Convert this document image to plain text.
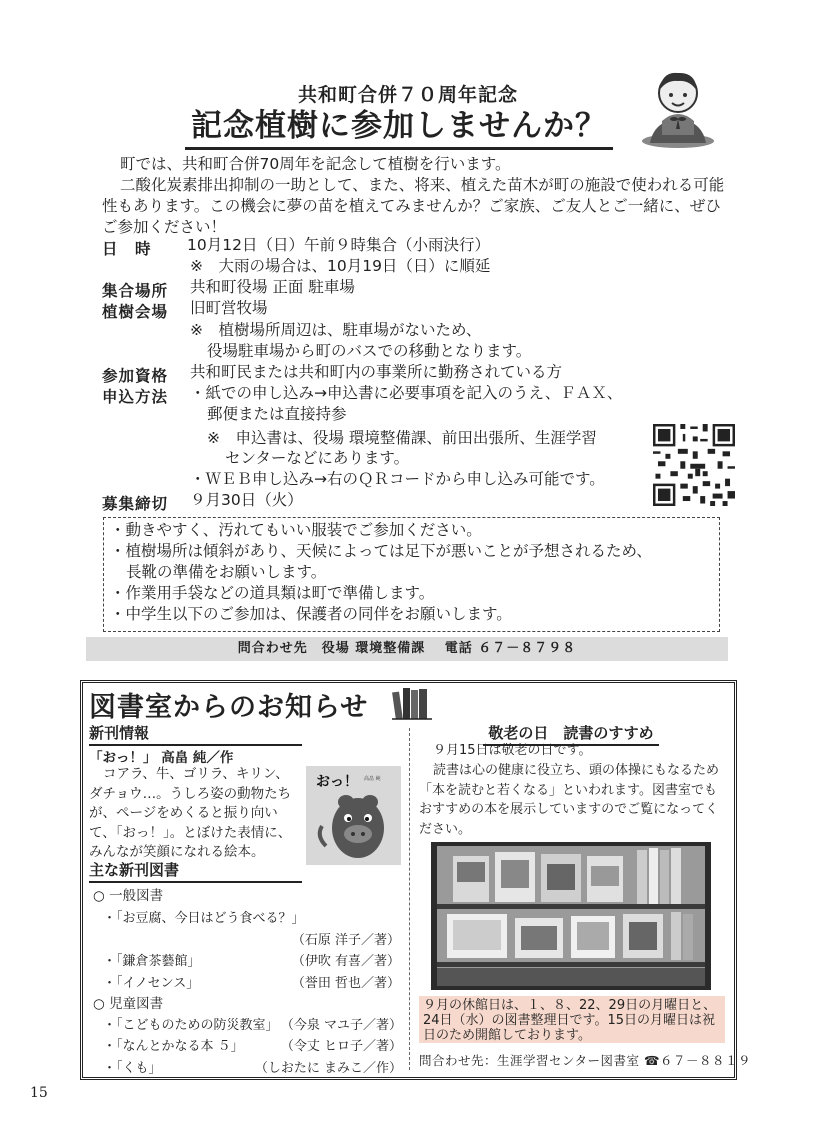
共和町合併７０周年記念
記念植樹に参加しませんか？
町では、共和町合併70周年を記念して植樹を行います。
二酸化炭素排出抑制の一助として、また、将来、植えた苗木が町の施設で使われる可能性もあります。この機会に夢の苗を植えてみませんか？ご家族、ご友人とご一緒に、ぜひご参加ください！
日　時	10月12日（日）午前９時集合（小雨決行）
※　大雨の場合は、10月19日（日）に順延
集合場所 共和町役場 正面 駐車場
植樹会場 旧町営牧場
※　植樹場所周辺は、駐車場がないため、
役場駐車場から町のバスでの移動となります。
参加資格 共和町民または共和町内の事業所に勤務されている方
申込方法 ・紙での申し込み→申込書に必要事項を記入のうえ、ＦＡＸ、
郵便または直接持参
※　申込書は、役場 環境整備課、前田出張所、生涯学習
センターなどにあります。
・ＷＥＢ申し込み→右のＱＲコードから申し込み可能です。
募集締切 ９月30日（火）
・動きやすく、汚れてもいい服装でご参加ください。
・植樹場所は傾斜があり、天候によっては足下が悪いことが予想されるため、
長靴の準備をお願いします。
・作業用手袋などの道具類は町で準備します。
・中学生以下のご参加は、保護者の同伴をお願いします。
問合わせ先　役場 環境整備課　 電話 ６７－８７９８
図書室からのお知らせ
新刊情報
「おっ！」 高畠 純／作
コアラ、牛、ゴリラ、キリン、ダチョウ…。うしろ姿の動物たちが、ページをめくると振り向いて、「おっ！」。とぼけた表情に、みんなが笑顔になれる絵本。
おっ！ 高畠 純
主な新刊図書
○ 一般図書
・「お豆腐、今日はどう食べる？」
（石原 洋子／著）
・「鎌倉茶藝館」	（伊吹 有喜／著）
・「イノセンス」	（誉田 哲也／著）
○ 児童図書
・「こどものための防災教室」 （今泉 マユ子／著）
・「なんとかなる本 ５」	（令丈 ヒロ子／著）
・「くも」	（しおたに まみこ／作）
敬老の日　読書のすすめ
９月15日は敬老の日です。
読書は心の健康に役立ち、頭の体操にもなるため「本を読むと若くなる」といわれます。図書室でもおすすめの本を展示していますのでご覧になってください。
９月の休館日は、１、８、22、29日の月曜日と、24日（水）の図書整理日です。15日の月曜日は祝日のため開館しております。
問合わせ先：生涯学習センター図書室 ☎６７－８８１９
15
